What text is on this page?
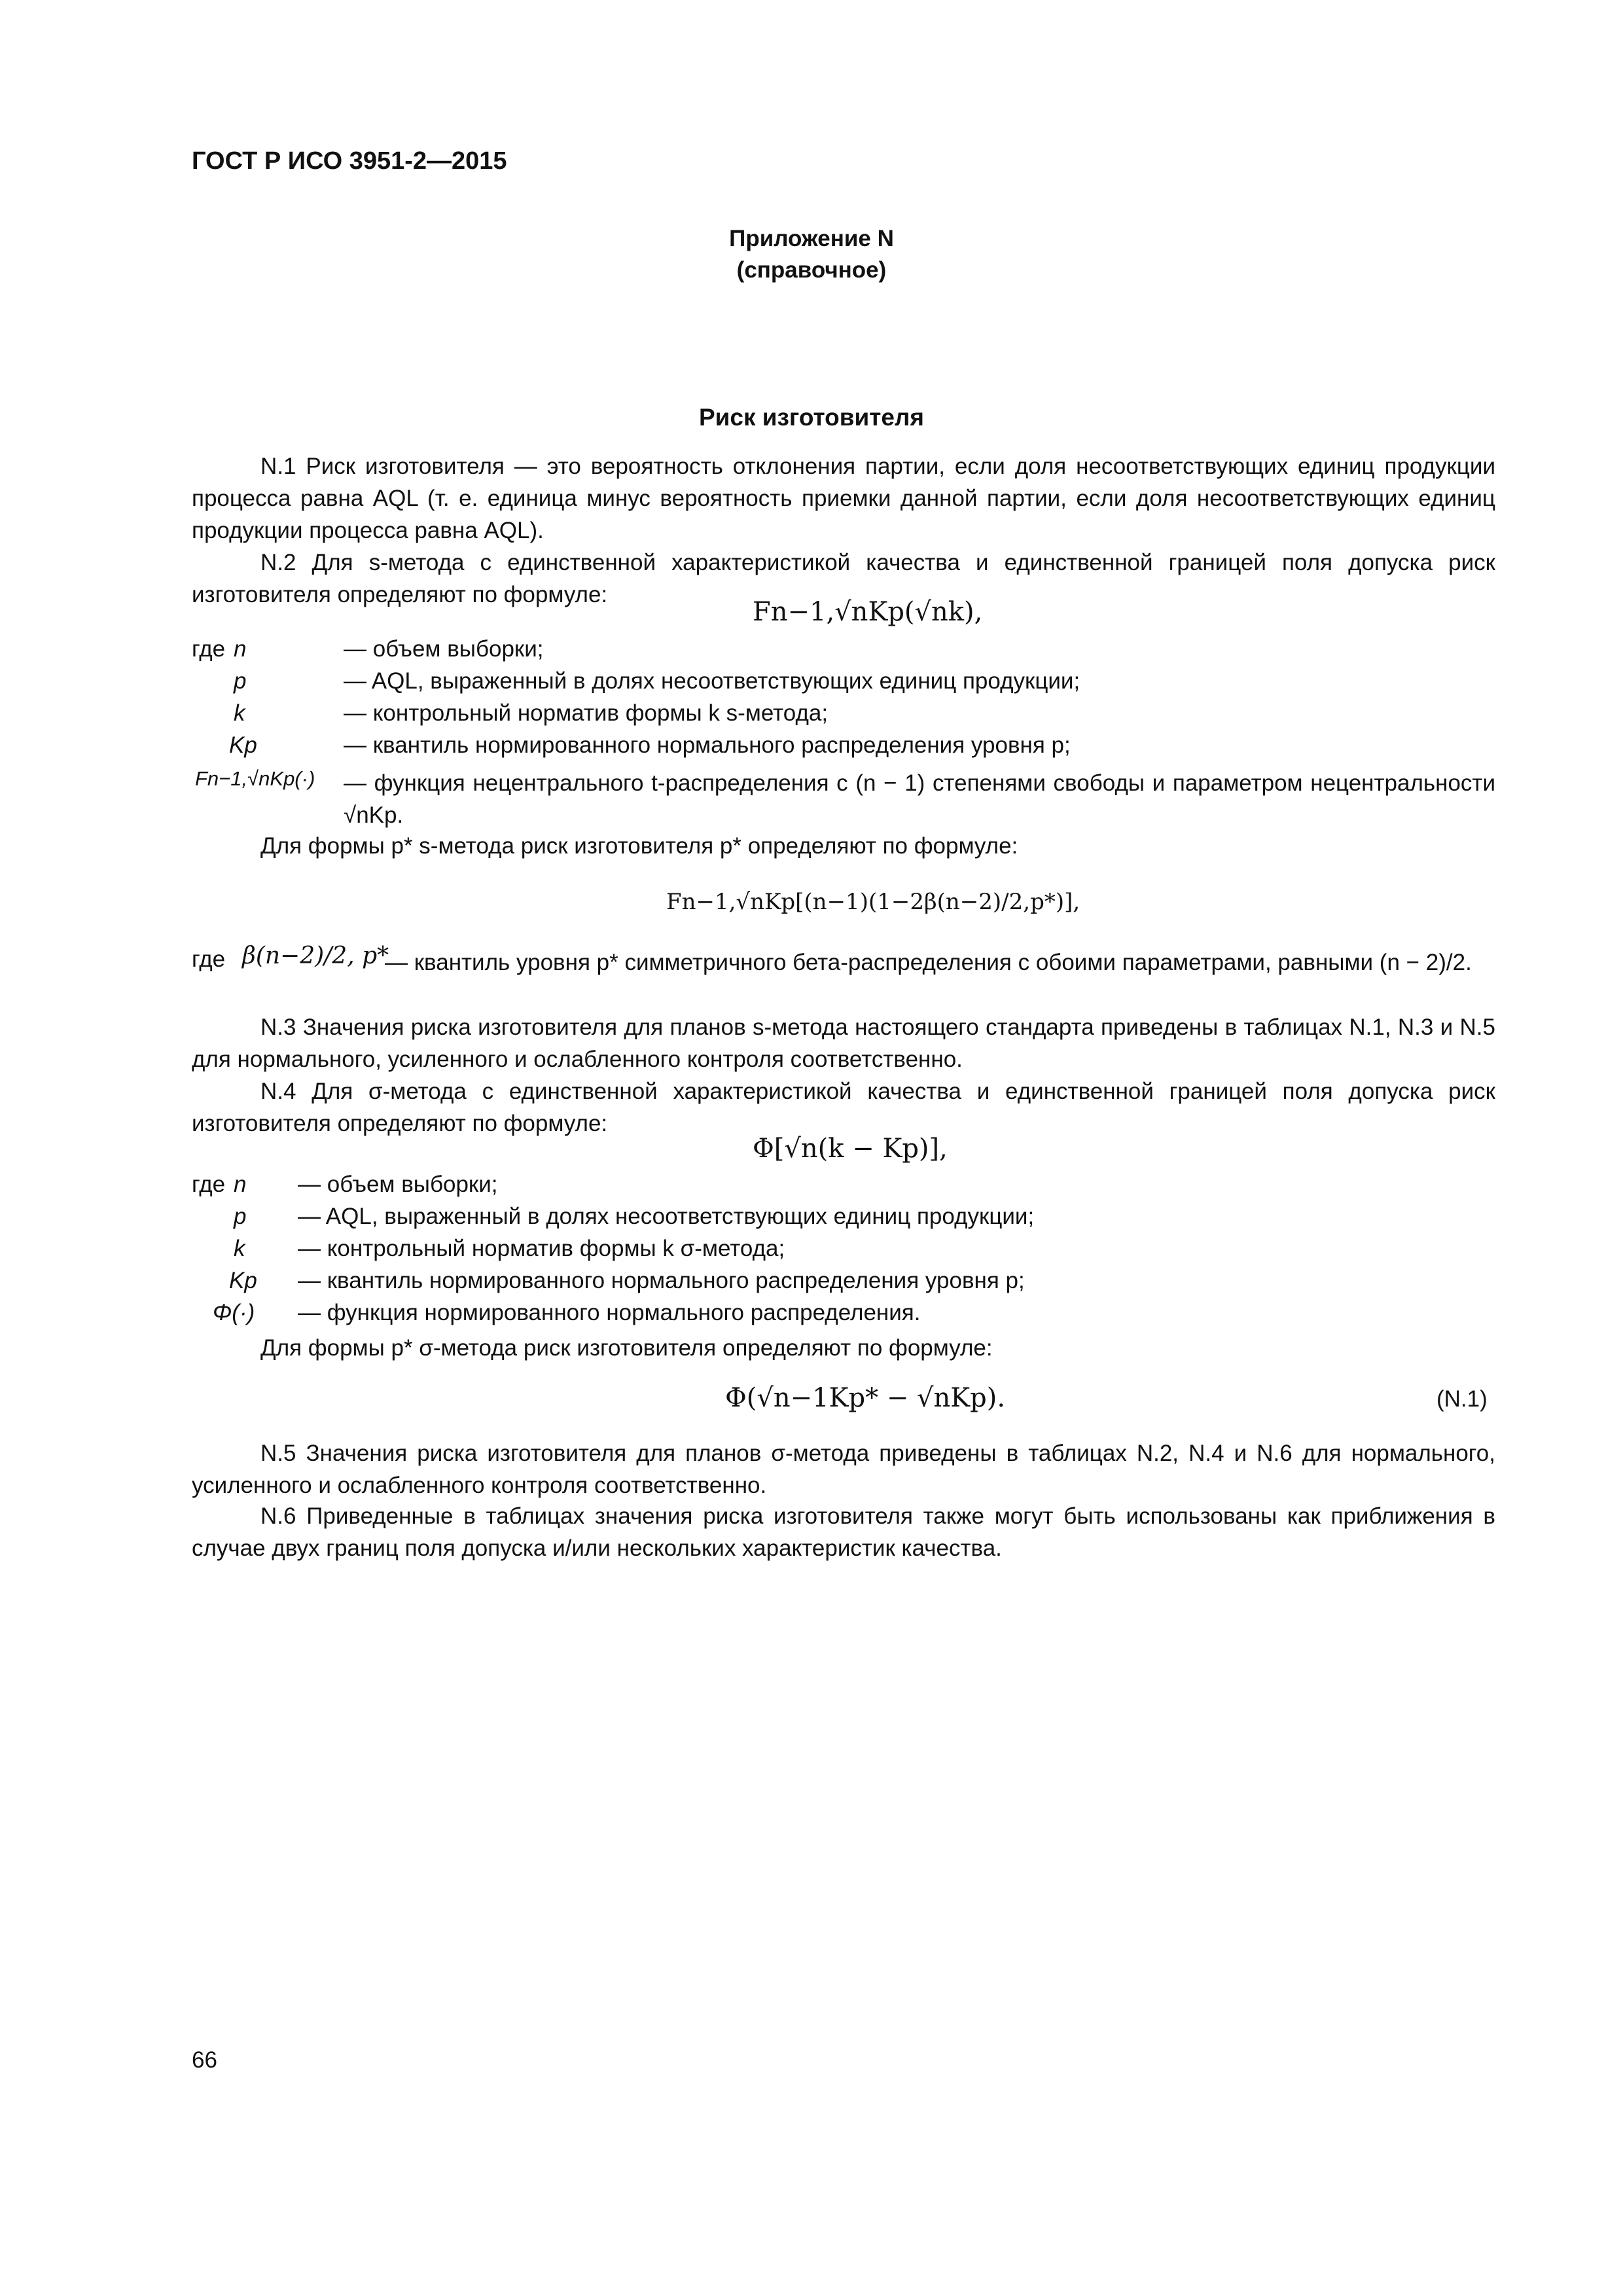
ГОСТ Р ИСО 3951-2—2015
Приложение N
(справочное)
Риск изготовителя
N.1 Риск изготовителя — это вероятность отклонения партии, если доля несоответствующих единиц продукции процесса равна AQL (т. е. единица минус вероятность приемки данной партии, если доля несоответствующих единиц продукции процесса равна AQL).
N.2 Для s-метода с единственной характеристикой качества и единственной границей поля допуска риск изготовителя определяют по формуле:
Fn−1,√nKp(√nk),
где n	— объем выборки;
p	— AQL, выраженный в долях несоответствующих единиц продукции;
k	— контрольный норматив формы k s-метода;
Kp	— квантиль нормированного нормального распределения уровня p;
Fn−1,√nKp(·) — функция нецентрального t-распределения с (n − 1) степенями свободы и параметром нецентральности √nKp.
Для формы p* s-метода риск изготовителя p* определяют по формуле:
Fn−1,√nKp[(n−1)(1−2β(n−2)/2,p*)],
где β(n−2)/2, p*
— квантиль уровня p* симметричного бета-распределения с обоими параметрами, равными (n − 2)/2.
N.3 Значения риска изготовителя для планов s-метода настоящего стандарта приведены в таблицах N.1, N.3 и N.5 для нормального, усиленного и ослабленного контроля соответственно.
N.4 Для σ-метода с единственной характеристикой качества и единственной границей поля допуска риск изготовителя определяют по формуле:
Φ[√n(k − Kp)],
где n — объем выборки;
p — AQL, выраженный в долях несоответствующих единиц продукции;
k — контрольный норматив формы k σ-метода;
Kp — квантиль нормированного нормального распределения уровня p;
Φ(·) — функция нормированного нормального распределения.
Для формы p* σ-метода риск изготовителя определяют по формуле:
Φ(√n−1Kp* − √nKp).	(N.1)
N.5 Значения риска изготовителя для планов σ-метода приведены в таблицах N.2, N.4 и N.6 для нормального, усиленного и ослабленного контроля соответственно.
N.6 Приведенные в таблицах значения риска изготовителя также могут быть использованы как приближения в случае двух границ поля допуска и/или нескольких характеристик качества.
66
